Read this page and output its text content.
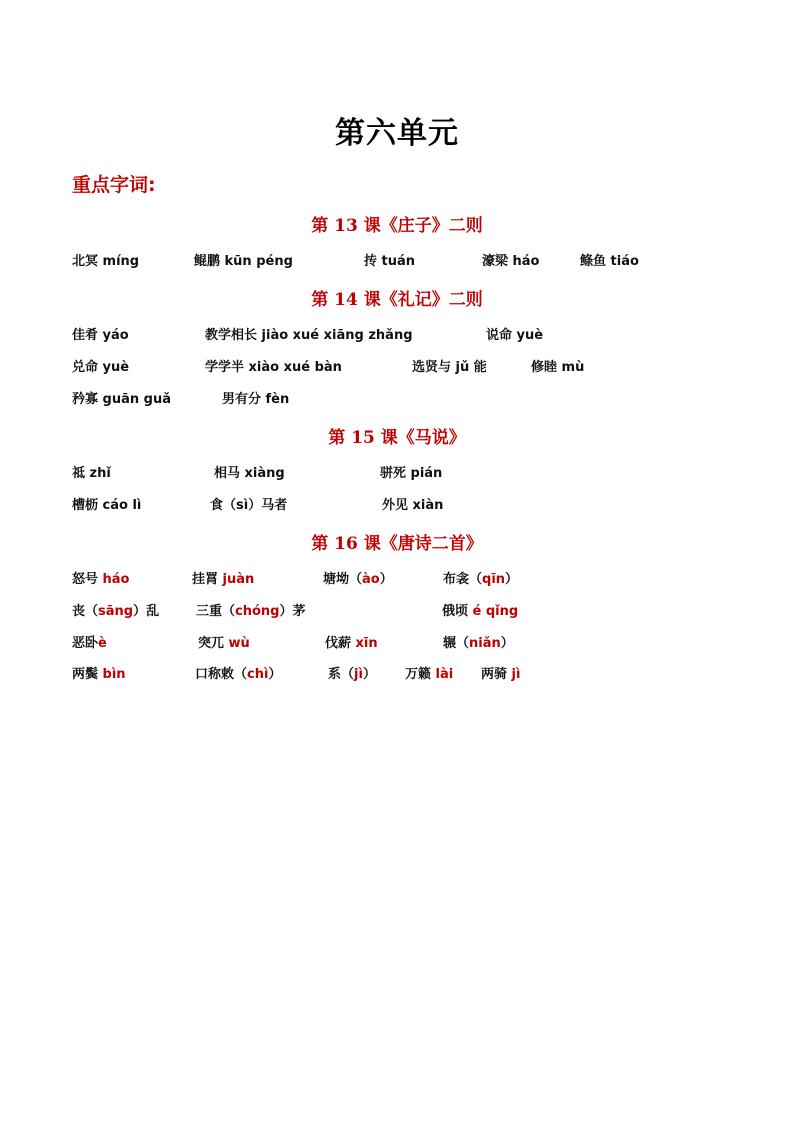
第六单元
重点字词:
第 13 课《庄子》二则
北冥 míng	鲲鹏 kūn péng	抟 tuán	濠梁 háo	鲦鱼 tiáo
第 14 课《礼记》二则
佳肴 yáo	教学相长 jiào xué xiāng zhǎng	说命 yuè
兑命 yuè	学学半 xiào xué bàn	选贤与 jǔ 能	修睦 mù
矜寡 guān guǎ	男有分 fèn
第 15 课《马说》
祗 zhǐ	相马 xiàng	骈死 pián
槽枥 cáo lì	食（sì）马者	外见 xiàn
第 16 课《唐诗二首》
怒号 háo	挂罥 juàn	塘坳（ào）	布衾（qīn）
丧（sāng）乱	三重（chóng）茅	俄顷 é qǐng
恶卧è	突兀 wù	伐薪 xīn	辗（niǎn）
两鬓 bìn	口称敕（chì）	系（jì） 万籁 lài 两骑 jì
